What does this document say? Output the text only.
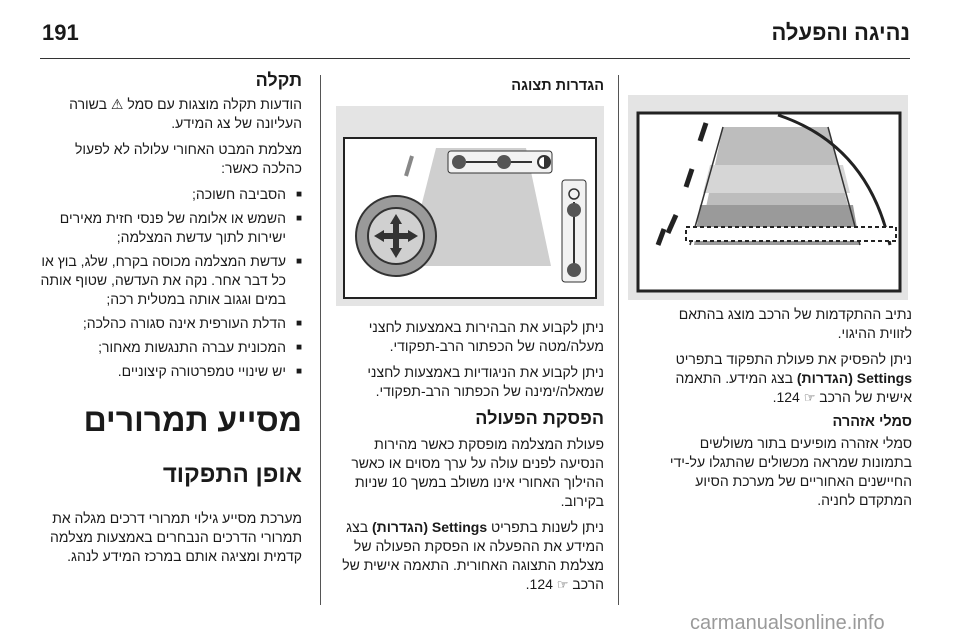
191	נהיגה והפעלה

נתיב ההתקדמות של הרכב מוצג בהתאם לזווית ההיגוי.

ניתן להפסיק את פעולת התפקוד בתפריט Settings (הגדרות) בצג המידע. התאמה אישית של הרכב ☞ 124.

סמלי אזהרה

סמלי אזהרה מופיעים בתור משולשים בתמונות שמראה מכשולים שהתגלו על-ידי החיישנים האחוריים של מערכת הסיוע המתקדם לחניה.

הגדרות תצוגה

ניתן לקבוע את הבהירות באמצעות לחצני מעלה/מטה של הכפתור הרב-תפקודי.

ניתן לקבוע את הניגודיות באמצעות לחצני שמאלה/ימינה של הכפתור הרב-תפקודי.

הפסקת הפעולה

פעולת המצלמה מופסקת כאשר מהירות הנסיעה לפנים עולה על ערך מסוים או כאשר ההילוך האחורי אינו משולב במשך 10 שניות בקירוב.

ניתן לשנות בתפריט Settings (הגדרות) בצג המידע את ההפעלה או הפסקת הפעולה של מצלמת התצוגה האחורית. התאמה אישית של הרכב ☞ 124.

תקלה

הודעות תקלה מוצגות עם סמל ⚠ בשורה העליונה של צג המידע.

מצלמת המבט האחורי עלולה לא לפעול כהלכה כאשר:

■ הסביבה חשוכה;
■ השמש או אלומה של פנסי חזית מאירים ישירות לתוך עדשת המצלמה;
■ עדשת המצלמה מכוסה בקרח, שלג, בוץ או כל דבר אחר. נקה את העדשה, שטוף אותה במים וגגוב אותה במטלית רכה;
■ הדלת העורפית אינה סגורה כהלכה;
■ המכונית עברה התנגשות מאחור;
■ יש שינויי טמפרטורה קיצוניים.
מסייע תמרורים
אופן התפקוד

מערכת מסייע גילוי תמרורי דרכים מגלה את תמרורי הדרכים הנבחרים באמצעות מצלמה קדמית ומציגה אותם במרכז המידע לנהג.

carmanualsonline.info
